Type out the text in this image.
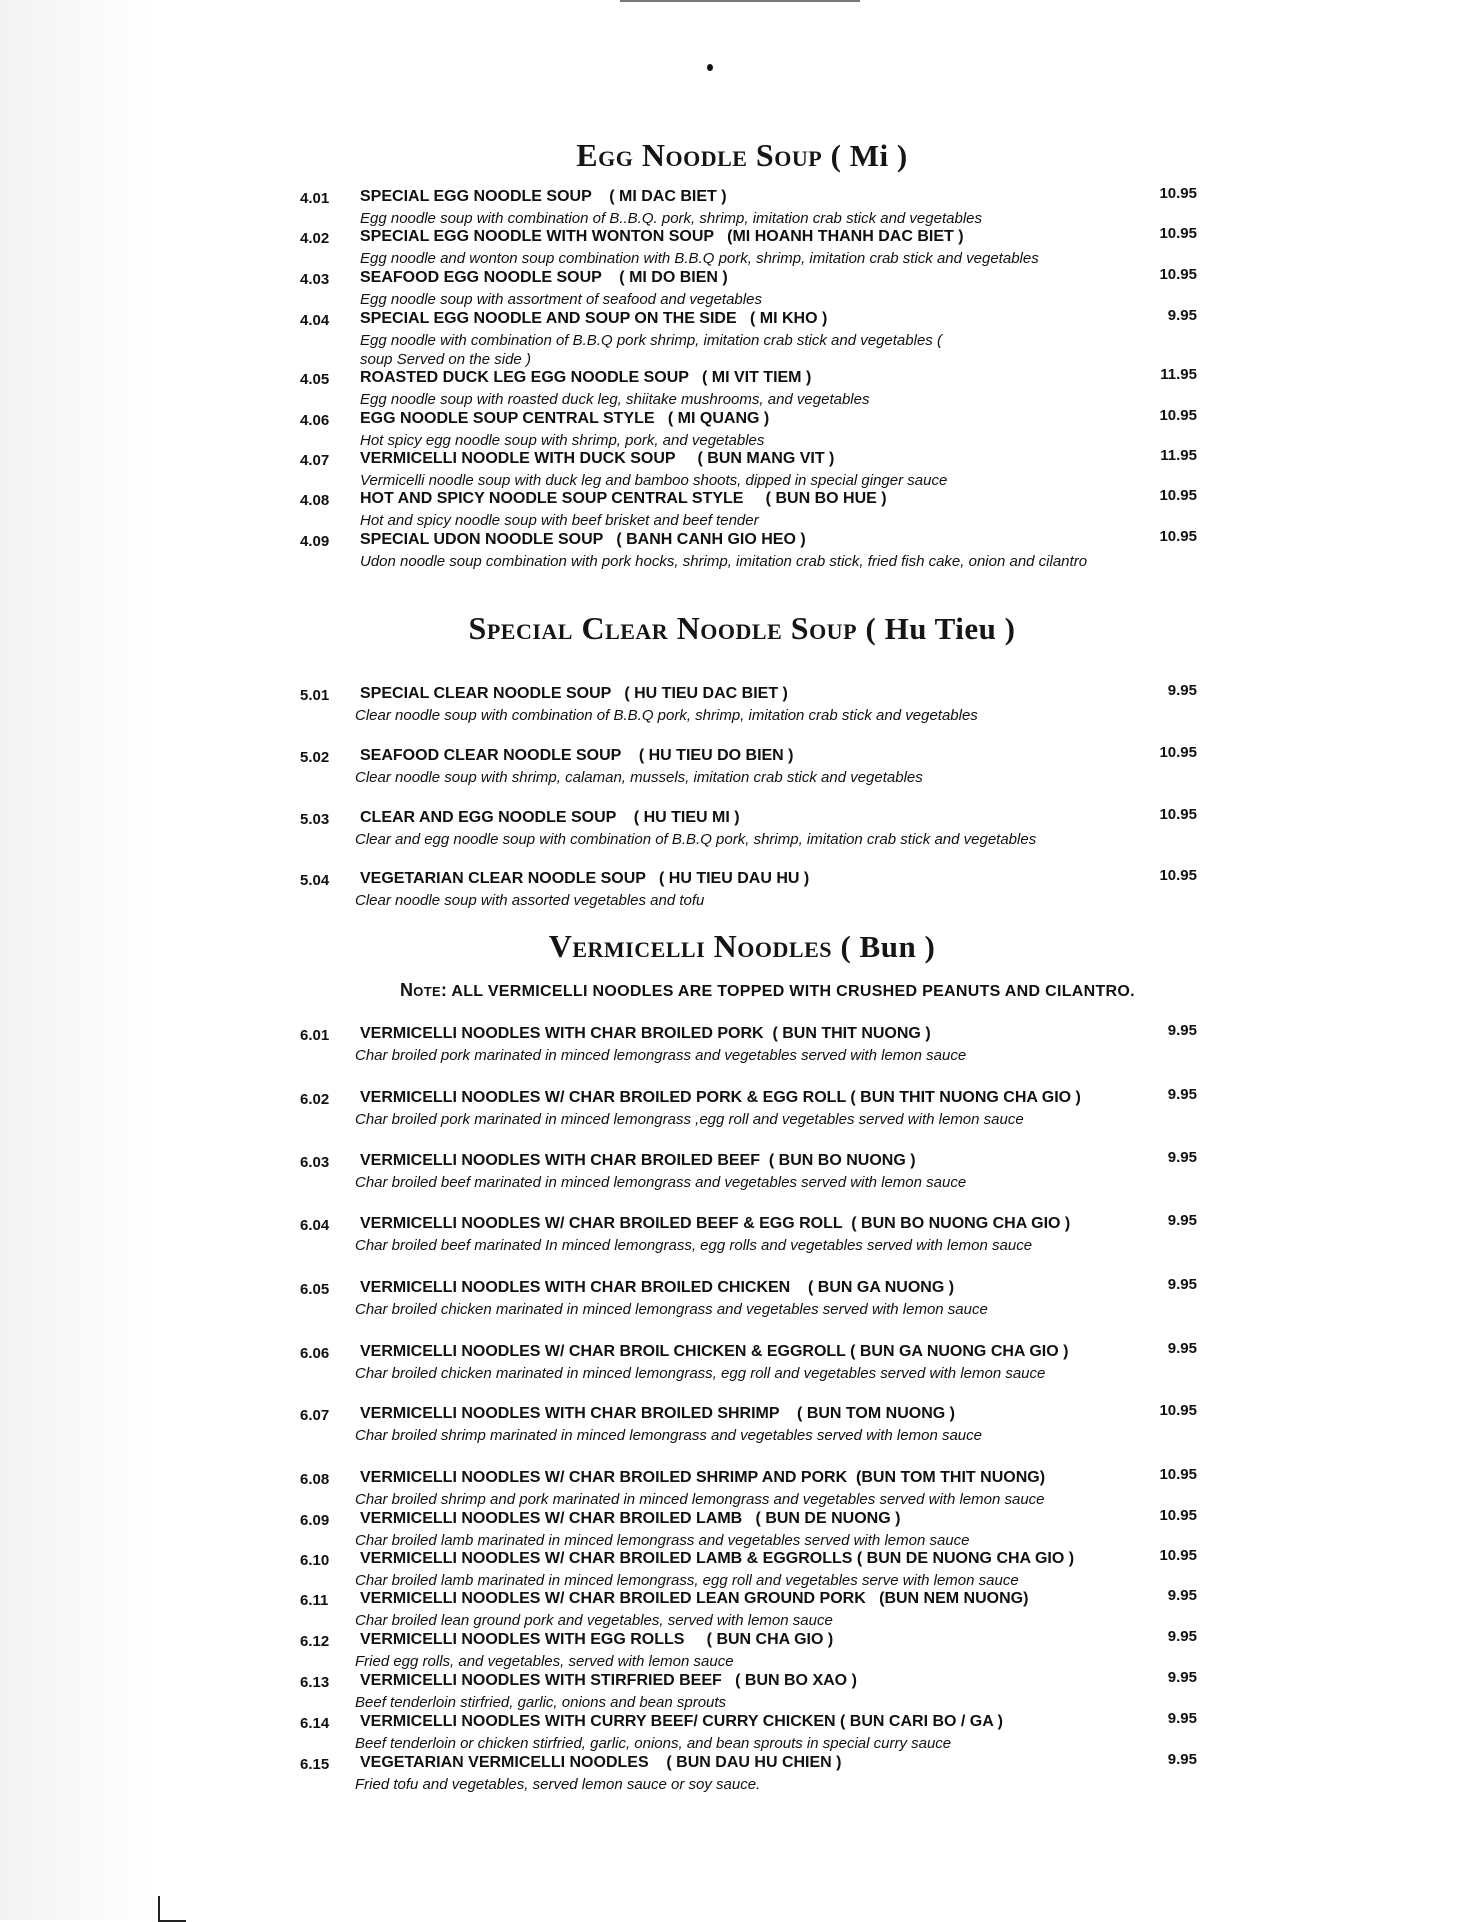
Egg Noodle Soup ( Mi )
4.01 SPECIAL EGG NOODLE SOUP    ( MI DAC BIET )	10.95
Egg noodle soup with combination of B..B.Q. pork, shrimp, imitation crab stick and vegetables
4.02 SPECIAL EGG NOODLE WITH WONTON SOUP   (MI HOANH THANH DAC BIET )	10.95
Egg noodle and wonton soup combination with B.B.Q pork, shrimp, imitation crab stick and vegetables
4.03 SEAFOOD EGG NOODLE SOUP    ( MI DO BIEN )	10.95
Egg noodle soup with assortment of seafood and vegetables
4.04 SPECIAL EGG NOODLE AND SOUP ON THE SIDE   ( MI KHO )	9.95
Egg noodle with combination of B.B.Q pork shrimp, imitation crab stick and vegetables ( soup Served on the side )
4.05 ROASTED DUCK LEG EGG NOODLE SOUP   ( MI VIT TIEM )	11.95
Egg noodle soup with roasted duck leg, shiitake mushrooms, and vegetables
4.06 EGG NOODLE SOUP CENTRAL STYLE   ( MI QUANG )	10.95
Hot spicy egg noodle soup with shrimp, pork, and vegetables
4.07 VERMICELLI NOODLE WITH DUCK SOUP     ( BUN MANG VIT )	11.95
Vermicelli noodle soup with duck leg and bamboo shoots, dipped in special ginger sauce
4.08 HOT AND SPICY NOODLE SOUP CENTRAL STYLE     ( BUN BO HUE )	10.95
Hot and spicy noodle soup with beef brisket and beef tender
4.09 SPECIAL UDON NOODLE SOUP   ( BANH CANH GIO HEO )	10.95
Udon noodle soup combination with pork hocks, shrimp, imitation crab stick, fried fish cake, onion and cilantro
Special Clear Noodle Soup ( Hu Tieu )
5.01 SPECIAL CLEAR NOODLE SOUP   ( HU TIEU DAC BIET )	9.95
Clear noodle soup with combination of B.B.Q pork, shrimp, imitation crab stick and vegetables
5.02 SEAFOOD CLEAR NOODLE SOUP    ( HU TIEU DO BIEN )	10.95
Clear noodle soup with shrimp, calaman, mussels, imitation crab stick and vegetables
5.03 CLEAR AND EGG NOODLE SOUP    ( HU TIEU MI )	10.95
Clear and egg noodle soup with combination of B.B.Q pork, shrimp, imitation crab stick and vegetables
5.04 VEGETARIAN CLEAR NOODLE SOUP   ( HU TIEU DAU HU )	10.95
Clear noodle soup with assorted vegetables and tofu
Vermicelli Noodles ( Bun )
Note: ALL VERMICELLI NOODLES ARE TOPPED WITH CRUSHED PEANUTS AND CILANTRO.
6.01 VERMICELLI NOODLES WITH CHAR BROILED PORK  ( BUN THIT NUONG )	9.95
Char broiled pork marinated in minced lemongrass and vegetables served with lemon sauce
6.02 VERMICELLI NOODLES W/ CHAR BROILED PORK & EGG ROLL ( BUN THIT NUONG CHA GIO )	9.95
Char broiled pork marinated in minced lemongrass ,egg roll and vegetables served with lemon sauce
6.03 VERMICELLI NOODLES WITH CHAR BROILED BEEF  ( BUN BO NUONG )	9.95
Char broiled beef marinated in minced lemongrass and vegetables served with lemon sauce
6.04 VERMICELLI NOODLES W/ CHAR BROILED BEEF & EGG ROLL  ( BUN BO NUONG CHA GIO )	9.95
Char broiled beef marinated In minced lemongrass, egg rolls and vegetables served with lemon sauce
6.05 VERMICELLI NOODLES WITH CHAR BROILED CHICKEN    ( BUN GA NUONG )	9.95
Char broiled chicken marinated in minced lemongrass and vegetables served with lemon sauce
6.06 VERMICELLI NOODLES W/ CHAR BROIL CHICKEN & EGGROLL ( BUN GA NUONG CHA GIO )	9.95
Char broiled chicken marinated in minced lemongrass, egg roll and vegetables served with lemon sauce
6.07 VERMICELLI NOODLES WITH CHAR BROILED SHRIMP    ( BUN TOM NUONG )	10.95
Char broiled shrimp marinated in minced lemongrass and vegetables served with lemon sauce
6.08 VERMICELLI NOODLES W/ CHAR BROILED SHRIMP AND PORK  (BUN TOM THIT NUONG)	10.95
Char broiled shrimp and pork marinated in minced lemongrass and vegetables served with lemon sauce
6.09 VERMICELLI NOODLES W/ CHAR BROILED LAMB   ( BUN DE NUONG )	10.95
Char broiled lamb marinated in minced lemongrass and vegetables served with lemon sauce
6.10 VERMICELLI NOODLES W/ CHAR BROILED LAMB & EGGROLLS ( BUN DE NUONG CHA GIO )	10.95
Char broiled lamb marinated in minced lemongrass, egg roll and vegetables serve with lemon sauce
6.11 VERMICELLI NOODLES W/ CHAR BROILED LEAN GROUND PORK   (BUN NEM NUONG)	9.95
Char broiled lean ground pork and vegetables, served with lemon sauce
6.12 VERMICELLI NOODLES WITH EGG ROLLS     ( BUN CHA GIO )	9.95
Fried egg rolls, and vegetables, served with lemon sauce
6.13 VERMICELLI NOODLES WITH STIRFRIED BEEF   ( BUN BO XAO )	9.95
Beef tenderloin stirfried, garlic, onions and bean sprouts
6.14 VERMICELLI NOODLES WITH CURRY BEEF/ CURRY CHICKEN ( BUN CARI BO / GA )	9.95
Beef tenderloin or chicken stirfried, garlic, onions, and bean sprouts in special curry sauce
6.15 VEGETARIAN VERMICELLI NOODLES    ( BUN DAU HU CHIEN )	9.95
Fried tofu and vegetables, served lemon sauce or soy sauce.
